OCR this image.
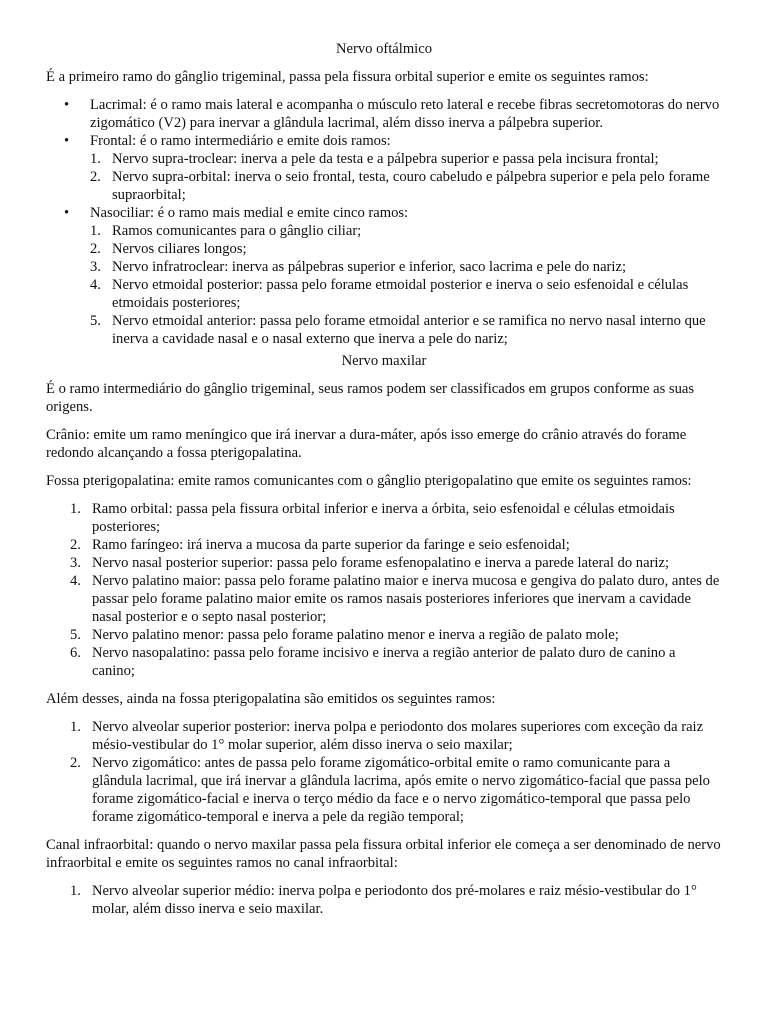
Nervo oftálmico

É a primeiro ramo do gânglio trigeminal, passa pela fissura orbital superior e emite os seguintes ramos:

• Lacrimal: é o ramo mais lateral e acompanha o músculo reto lateral e recebe fibras secretomotoras do nervo zigomático (V2) para inervar a glândula lacrimal, além disso inerva a pálpebra superior.
• Frontal: é o ramo intermediário e emite dois ramos:
1. Nervo supra-troclear: inerva a pele da testa e a pálpebra superior e passa pela incisura frontal;
2. Nervo supra-orbital: inerva o seio frontal, testa, couro cabeludo e pálpebra superior e pela pelo forame supraorbital;
• Nasociliar: é o ramo mais medial e emite cinco ramos:
1. Ramos comunicantes para o gânglio ciliar;
2. Nervos ciliares longos;
3. Nervo infratroclear: inerva as pálpebras superior e inferior, saco lacrima e pele do nariz;
4. Nervo etmoidal posterior: passa pelo forame etmoidal posterior e inerva o seio esfenoidal e células etmoidais posteriores;
5. Nervo etmoidal anterior: passa pelo forame etmoidal anterior e se ramifica no nervo nasal interno que inerva a cavidade nasal e o nasal externo que inerva a pele do nariz;
Nervo maxilar

É o ramo intermediário do gânglio trigeminal, seus ramos podem ser classificados em grupos conforme as suas origens.

Crânio: emite um ramo meníngico que irá inervar a dura-máter, após isso emerge do crânio através do forame redondo alcançando a fossa pterigopalatina.

Fossa pterigopalatina: emite ramos comunicantes com o gânglio pterigopalatino que emite os seguintes ramos:

1. Ramo orbital: passa pela fissura orbital inferior e inerva a órbita, seio esfenoidal e células etmoidais posteriores;
2. Ramo faríngeo: irá inerva a mucosa da parte superior da faringe e seio esfenoidal;
3. Nervo nasal posterior superior: passa pelo forame esfenopalatino e inerva a parede lateral do nariz;
4. Nervo palatino maior: passa pelo forame palatino maior e inerva mucosa e gengiva do palato duro, antes de passar pelo forame palatino maior emite os ramos nasais posteriores inferiores que inervam a cavidade nasal posterior e o septo nasal posterior;
5. Nervo palatino menor: passa pelo forame palatino menor e inerva a região de palato mole;
6. Nervo nasopalatino: passa pelo forame incisivo e inerva a região anterior de palato duro de canino a canino;

Além desses, ainda na fossa pterigopalatina são emitidos os seguintes ramos:

1. Nervo alveolar superior posterior: inerva polpa e periodonto dos molares superiores com exceção da raiz mésio-vestibular do 1° molar superior, além disso inerva o seio maxilar;
2. Nervo zigomático: antes de passa pelo forame zigomático-orbital emite o ramo comunicante para a glândula lacrimal, que irá inervar a glândula lacrima, após emite o nervo zigomático-facial que passa pelo forame zigomático-facial e inerva o terço médio da face e o nervo zigomático-temporal que passa pelo forame zigomático-temporal e inerva a pele da região temporal;

Canal infraorbital: quando o nervo maxilar passa pela fissura orbital inferior ele começa a ser denominado de nervo infraorbital e emite os seguintes ramos no canal infraorbital:

1. Nervo alveolar superior médio: inerva polpa e periodonto dos pré-molares e raiz mésio-vestibular do 1° molar, além disso inerva e seio maxilar.
